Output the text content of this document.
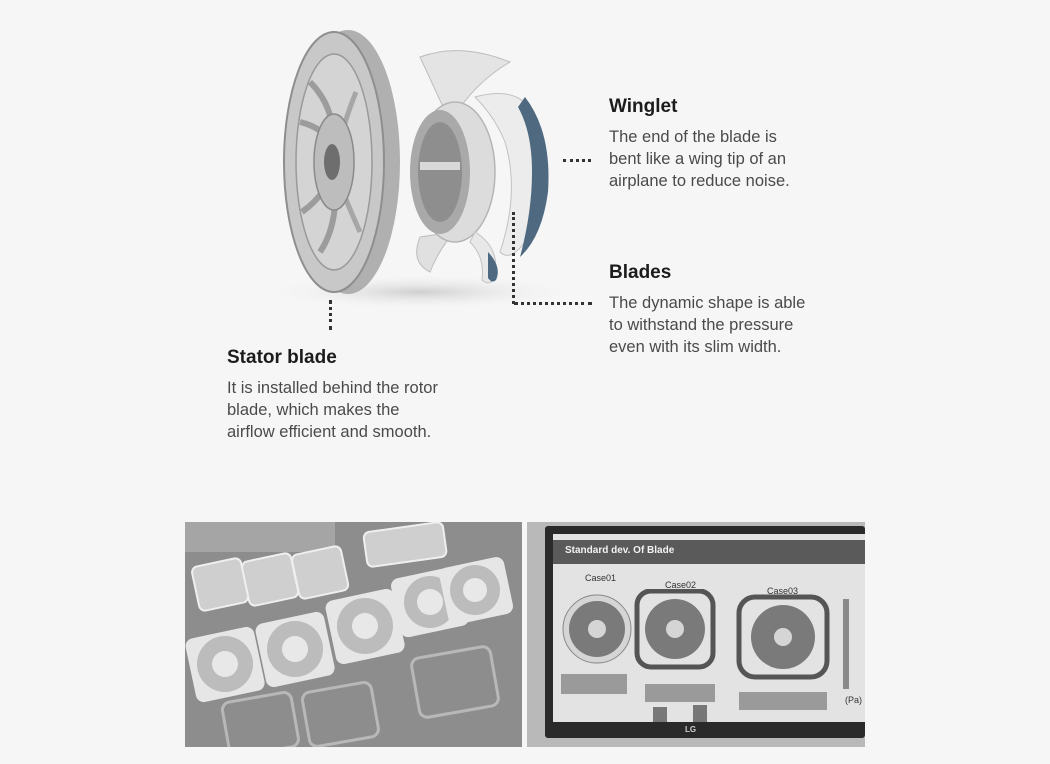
Winglet

The end of the blade is

bent like a wing tip of an

airplane to reduce noise.

Blades

The dynamic shape is able

to withstand the pressure

even with its slim width.

Stator blade

It is installed behind the rotor

blade, which makes the

airflow efficient and smooth.

Standard dev. Of Blade
Case01
Case02
Case03
(Pa)
LG
